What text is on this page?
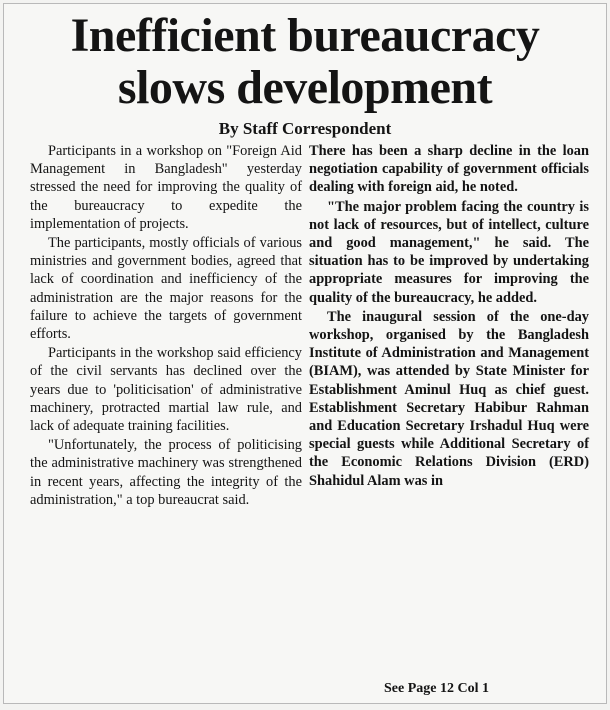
Inefficient bureaucracy
slows development

By Staff Correspondent

Participants in a workshop on "Foreign Aid Management in Bangladesh" yesterday stressed the need for improving the quality of the bureaucracy to expedite the implementation of projects.

The participants, mostly officials of various ministries and government bodies, agreed that lack of coordination and inefficiency of the administration are the major reasons for the failure to achieve the targets of government efforts.

Participants in the workshop said efficiency of the civil servants has declined over the years due to 'politicisation' of administrative machinery, protracted martial law rule, and lack of adequate training facilities.

"Unfortunately, the process of politicising the administrative machinery was strengthened in recent years, affecting the integrity of the administration," a top bureaucrat said.

There has been a sharp decline in the loan negotiation capability of government officials dealing with foreign aid, he noted.

"The major problem facing the country is not lack of resources, but of intellect, culture and good management," he said. The situation has to be improved by undertaking appropriate measures for improving the quality of the bureaucracy, he added.

The inaugural session of the one-day workshop, organised by the Bangladesh Institute of Administration and Management (BIAM), was attended by State Minister for Establishment Aminul Huq as chief guest. Establishment Secretary Habibur Rahman and Education Secretary Irshadul Huq were special guests while Additional Secretary of the Economic Relations Division (ERD) Shahidul Alam was in

See Page 12 Col 1
